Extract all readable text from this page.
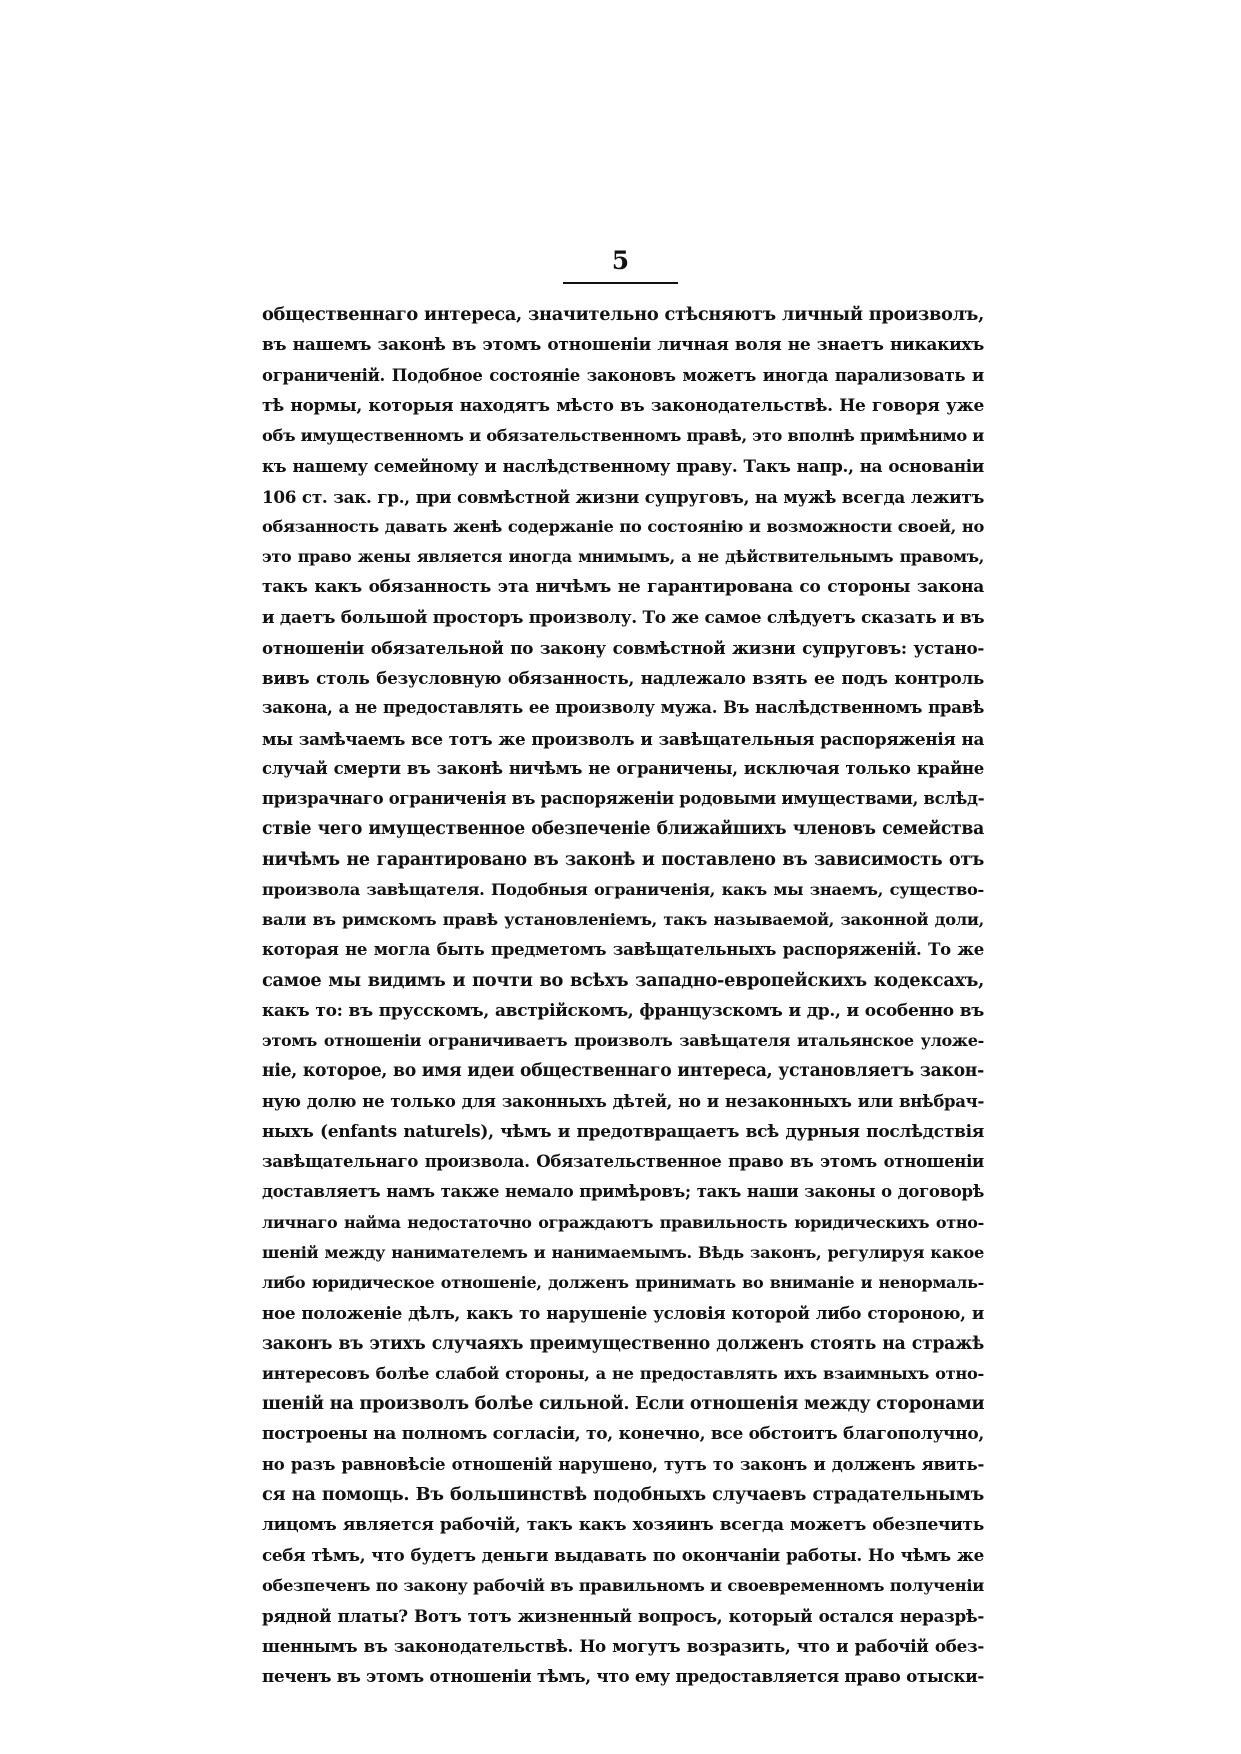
5
общественнаго интереса, значительно стѣсняютъ личный произволъ,
въ нашемъ законѣ въ этомъ отношеніи личная воля не знаетъ никакихъ
ограниченій. Подобное состояніе законовъ можетъ иногда парализовать и
тѣ нормы, которыя находятъ мѣсто въ законодательствѣ. Не говоря уже
объ имущественномъ и обязательственномъ правѣ, это вполнѣ примѣнимо и
къ нашему семейному и наслѣдственному праву. Такъ напр., на основаніи
106 ст. зак. гр., при совмѣстной жизни супруговъ, на мужѣ всегда лежитъ
обязанность давать женѣ содержаніе по состоянію и возможности своей, но
это право жены является иногда мнимымъ, а не дѣйствительнымъ правомъ,
такъ какъ обязанность эта ничѣмъ не гарантирована со стороны закона
и даетъ большой просторъ произволу. То же самое слѣдуетъ сказать и въ
отношеніи обязательной по закону совмѣстной жизни супруговъ: устано-
вивъ столь безусловную обязанность, надлежало взять ее подъ контроль
закона, а не предоставлять ее произволу мужа. Въ наслѣдственномъ правѣ
мы замѣчаемъ все тотъ же произволъ и завѣщательныя распоряженія на
случай смерти въ законѣ ничѣмъ не ограничены, исключая только крайне
призрачнаго ограниченія въ распоряженіи родовыми имуществами, вслѣд-
ствіе чего имущественное обезпеченіе ближайшихъ членовъ семейства
ничѣмъ не гарантировано въ законѣ и поставлено въ зависимость отъ
произвола завѣщателя. Подобныя ограниченія, какъ мы знаемъ, существо-
вали въ римскомъ правѣ установленіемъ, такъ называемой, законной доли,
которая не могла быть предметомъ завѣщательныхъ распоряженій. То же
самое мы видимъ и почти во всѣхъ западно-европейскихъ кодексахъ,
какъ то: въ прусскомъ, австрійскомъ, французскомъ и др., и особенно въ
этомъ отношеніи ограничиваетъ произволъ завѣщателя итальянское уложе-
ніе, которое, во имя идеи общественнаго интереса, установляетъ закон-
ную долю не только для законныхъ дѣтей, но и незаконныхъ или внѣбрач-
ныхъ (enfants naturels), чѣмъ и предотвращаетъ всѣ дурныя послѣдствія
завѣщательнаго произвола. Обязательственное право въ этомъ отношеніи
доставляетъ намъ также немало примѣровъ; такъ наши законы о договорѣ
личнаго найма недостаточно ограждаютъ правильность юридическихъ отно-
шеній между нанимателемъ и нанимаемымъ. Вѣдь законъ, регулируя какое
либо юридическое отношеніе, долженъ принимать во вниманіе и ненормаль-
ное положеніе дѣлъ, какъ то нарушеніе условія которой либо стороною, и
законъ въ этихъ случаяхъ преимущественно долженъ стоять на стражѣ
интересовъ болѣе слабой стороны, а не предоставлять ихъ взаимныхъ отно-
шеній на произволъ болѣе сильной. Если отношенія между сторонами
построены на полномъ согласіи, то, конечно, все обстоитъ благополучно,
но разъ равновѣсіе отношеній нарушено, тутъ то законъ и долженъ явить-
ся на помощь. Въ большинствѣ подобныхъ случаевъ страдательнымъ
лицомъ является рабочій, такъ какъ хозяинъ всегда можетъ обезпечить
себя тѣмъ, что будетъ деньги выдавать по окончаніи работы. Но чѣмъ же
обезпеченъ по закону рабочій въ правильномъ и своевременномъ полученіи
рядной платы? Вотъ тотъ жизненный вопросъ, который остался неразрѣ-
шеннымъ въ законодательствѣ. Но могутъ возразить, что и рабочій обез-
печенъ въ этомъ отношеніи тѣмъ, что ему предоставляется право отыски-
